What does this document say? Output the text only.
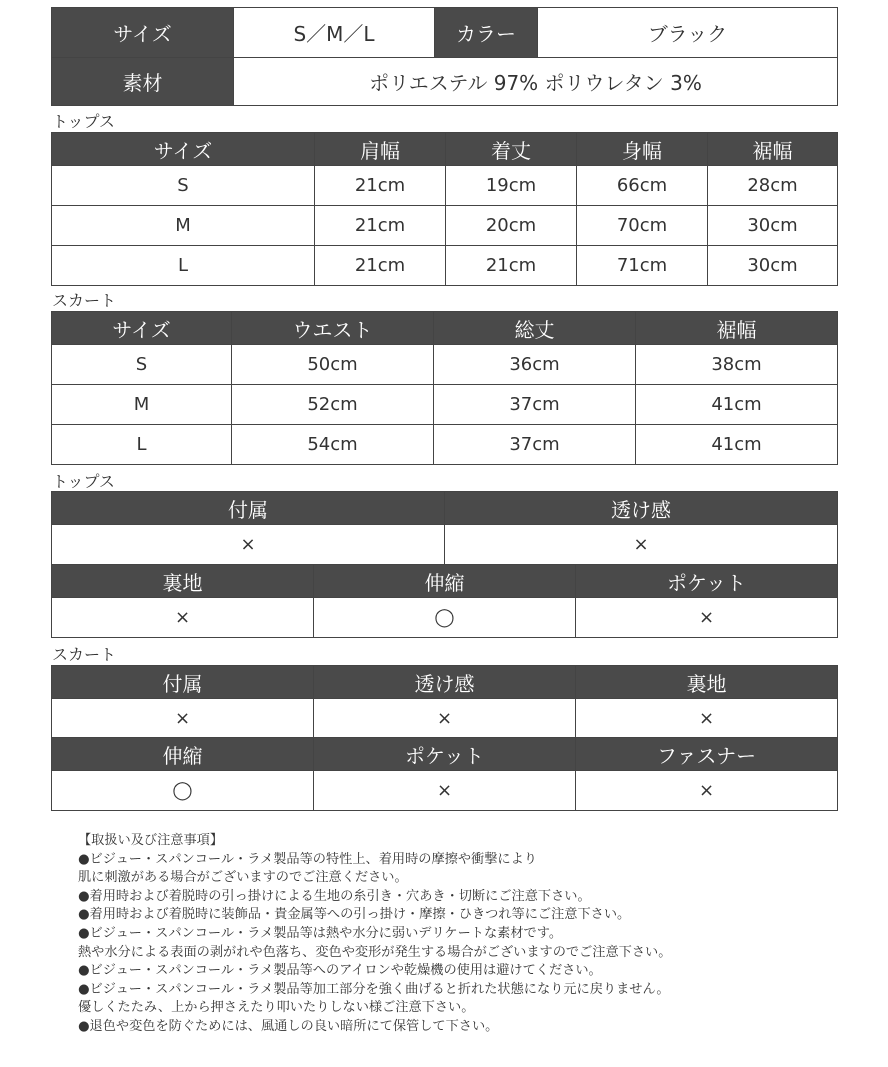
サイズ	S／M／L	カラー	ブラック
素材	ポリエステル 97% ポリウレタン 3%		
トップス
サイズ	肩幅	着丈	身幅	裾幅
S	21cm	19cm	66cm	28cm
M	21cm	20cm	70cm	30cm
L	21cm	21cm	71cm	30cm
スカート
サイズ	ウエスト	総丈	裾幅
S	50cm	36cm	38cm
M	52cm	37cm	41cm
L	54cm	37cm	41cm
トップス
付属	透け感
×	×
裏地	伸縮	ポケット
×	◯	×
スカート
付属	透け感	裏地
×	×	×
伸縮	ポケット	ファスナー
◯	×	×
【取扱い及び注意事項】
●ビジュー・スパンコール・ラメ製品等の特性上、着用時の摩擦や衝撃により
肌に刺激がある場合がございますのでご注意ください。
●着用時および着脱時の引っ掛けによる生地の糸引き・穴あき・切断にご注意下さい。
●着用時および着脱時に装飾品・貴金属等への引っ掛け・摩擦・ひきつれ等にご注意下さい。
●ビジュー・スパンコール・ラメ製品等は熱や水分に弱いデリケートな素材です。
熱や水分による表面の剥がれや色落ち、変色や変形が発生する場合がございますのでご注意下さい。
●ビジュー・スパンコール・ラメ製品等へのアイロンや乾燥機の使用は避けてください。
●ビジュー・スパンコール・ラメ製品等加工部分を強く曲げると折れた状態になり元に戻りません。
優しくたたみ、上から押さえたり叩いたりしない様ご注意下さい。
●退色や変色を防ぐためには、風通しの良い暗所にて保管して下さい。
